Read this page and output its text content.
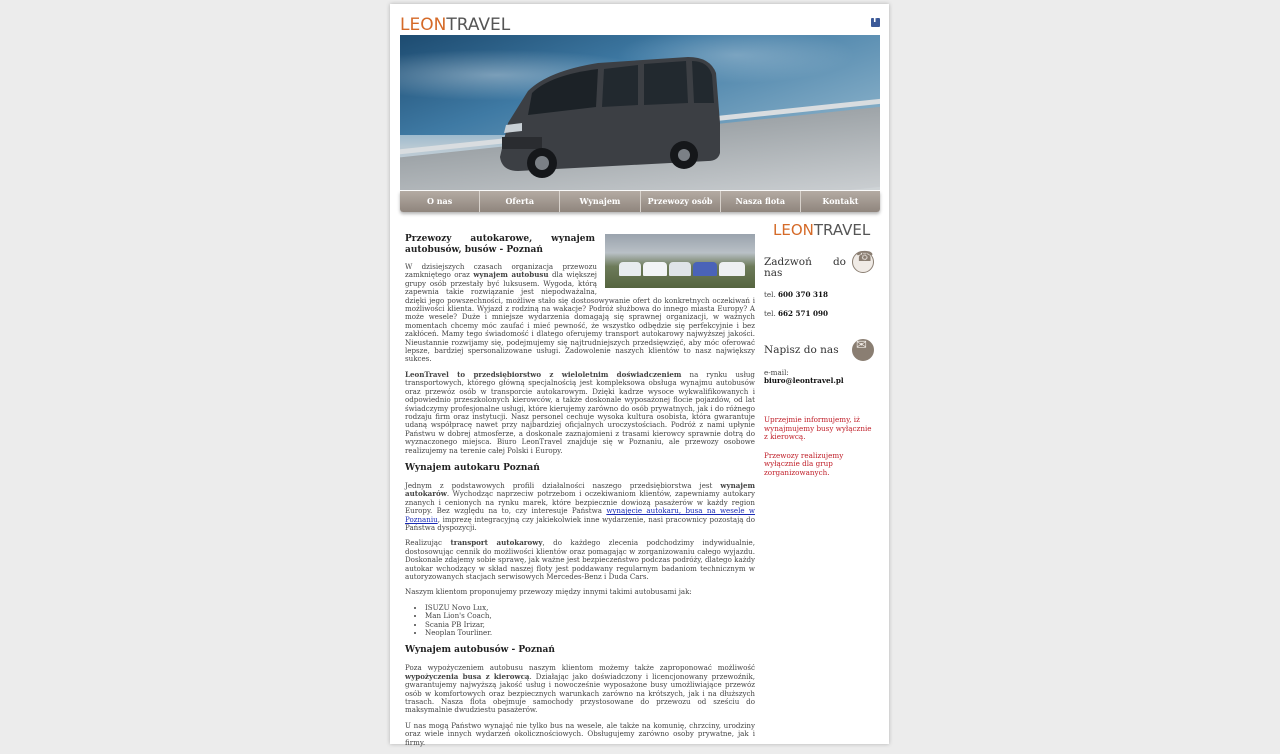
LEONTRAVEL
f
O nas	Oferta	Wynajem	Przewozy osób	Nasza flota	Kontakt
Przewozy autokarowe, wynajem autobusów, busów - Poznań

W dzisiejszych czasach organizacja przewozu zamkniętego oraz wynajem autobusu dla większej grupy osób przestały być luksusem. Wygoda, którą zapewnia takie rozwiązanie jest niepodważalna, dzięki jego powszechności, możliwe stało się dostosowywanie ofert do konkretnych oczekiwań i możliwości klienta. Wyjazd z rodziną na wakacje? Podróż służbowa do innego miasta Europy? A może wesele? Duże i mniejsze wydarzenia domagają się sprawnej organizacji, w ważnych momentach chcemy móc zaufać i mieć pewność, że wszystko odbędzie się perfekcyjnie i bez zakłóceń. Mamy tego świadomość i dlatego oferujemy transport autokarowy najwyższej jakości. Nieustannie rozwijamy się, podejmujemy się najtrudniejszych przedsięwzięć, aby móc oferować lepsze, bardziej spersonalizowane usługi. Zadowolenie naszych klientów to nasz największy sukces.

LeonTravel to przedsiębiorstwo z wieloletnim doświadczeniem na rynku usług transportowych, którego główną specjalnością jest kompleksowa obsługa wynajmu autobusów oraz przewóz osób w transporcie autokarowym. Dzięki kadrze wysoce wykwalifikowanych i odpowiednio przeszkolonych kierowców, a także doskonale wyposażonej flocie pojazdów, od lat świadczymy profesjonalne usługi, które kierujemy zarówno do osób prywatnych, jak i do różnego rodzaju firm oraz instytucji. Nasz personel cechuje wysoka kultura osobista, która gwarantuje udaną współpracę nawet przy najbardziej oficjalnych uroczystościach. Podróż z nami upłynie Państwu w dobrej atmosferze, a doskonale zaznajomieni z trasami kierowcy sprawnie dotrą do wyznaczonego miejsca. Biuro LeonTravel znajduje się w Poznaniu, ale przewozy osobowe realizujemy na terenie całej Polski i Europy.

Wynajem autokaru Poznań

Jednym z podstawowych profili działalności naszego przedsiębiorstwa jest wynajem autokarów. Wychodząc naprzeciw potrzebom i oczekiwaniom klientów, zapewniamy autokary znanych i cenionych na rynku marek, które bezpiecznie dowiozą pasażerów w każdy region Europy. Bez względu na to, czy interesuje Państwa wynajęcie autokaru, busa na wesele w Poznaniu, imprezę integracyjną czy jakiekolwiek inne wydarzenie, nasi pracownicy pozostają do Państwa dyspozycji.

Realizując transport autokarowy, do każdego zlecenia podchodzimy indywidualnie, dostosowując cennik do możliwości klientów oraz pomagając w zorganizowaniu całego wyjazdu. Doskonale zdajemy sobie sprawę, jak ważne jest bezpieczeństwo podczas podróży, dlatego każdy autokar wchodzący w skład naszej floty jest poddawany regularnym badaniom technicznym w autoryzowanych stacjach serwisowych Mercedes-Benz i Duda Cars.

Naszym klientom proponujemy przewozy między innymi takimi autobusami jak:

• ISUZU Novo Lux,
• Man Lion's Coach,
• Scania PB Irizar,
• Neoplan Tourliner.
Wynajem autobusów - Poznań

Poza wypożyczeniem autobusu naszym klientom możemy także zaproponować możliwość wypożyczenia busa z kierowcą. Działając jako doświadczony i licencjonowany przewoźnik, gwarantujemy najwyższą jakość usług i nowocześnie wyposażone busy umożliwiające przewóz osób w komfortowych oraz bezpiecznych warunkach zarówno na krótszych, jak i na dłuższych trasach. Nasza flota obejmuje samochody przystosowane do przewozu od sześciu do maksymalnie dwudziestu pasażerów.

U nas mogą Państwo wynająć nie tylko bus na wesele, ale także na komunię, chrzciny, urodziny oraz wiele innych wydarzeń okolicznościowych. Obsługujemy zarówno osoby prywatne, jak i firmy.

LEONTRAVEL

Zadzwoń do nas

☎

tel. 600 370 318

tel. 662 571 090

Napisz do nas

✉

e-mail:

biuro@leontravel.pl

Uprzejmie informujemy, iż wynajmujemy busy wyłącznie z kierowcą.

Przewozy realizujemy wyłącznie dla grup zorganizowanych.
